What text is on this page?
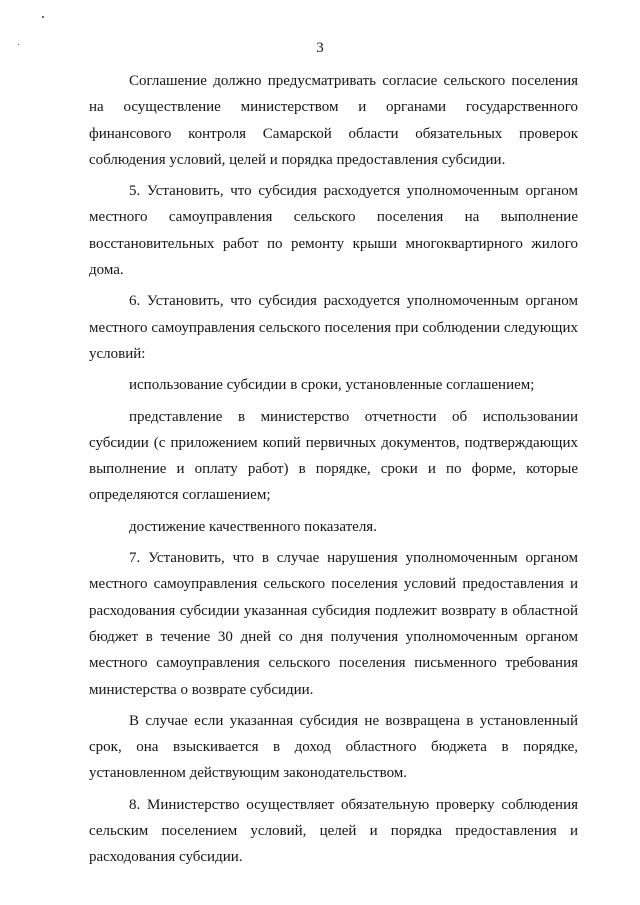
3

Соглашение должно предусматривать согласие сельского поселения на осуществление министерством и органами государственного финансового контроля Самарской области обязательных проверок соблюдения условий, целей и порядка предоставления субсидии.

5. Установить, что субсидия расходуется уполномоченным органом местного самоуправления сельского поселения на выполнение восстановительных работ по ремонту крыши многоквартирного жилого дома.

6. Установить, что субсидия расходуется уполномоченным органом местного самоуправления сельского поселения при соблюдении следующих условий:

использование субсидии в сроки, установленные соглашением;

представление в министерство отчетности об использовании субсидии (с приложением копий первичных документов, подтверждающих выполнение и оплату работ) в порядке, сроки и по форме, которые определяются соглашением;

достижение качественного показателя.

7. Установить, что в случае нарушения уполномоченным органом местного самоуправления сельского поселения условий предоставления и расходования субсидии указанная субсидия подлежит возврату в областной бюджет в течение 30 дней со дня получения уполномоченным органом местного самоуправления сельского поселения письменного требования министерства о возврате субсидии.

В случае если указанная субсидия не возвращена в установленный срок, она взыскивается в доход областного бюджета в порядке, установленном действующим законодательством.

8. Министерство осуществляет обязательную проверку соблюдения сельским поселением условий, целей и порядка предоставления и расходования субсидии.
